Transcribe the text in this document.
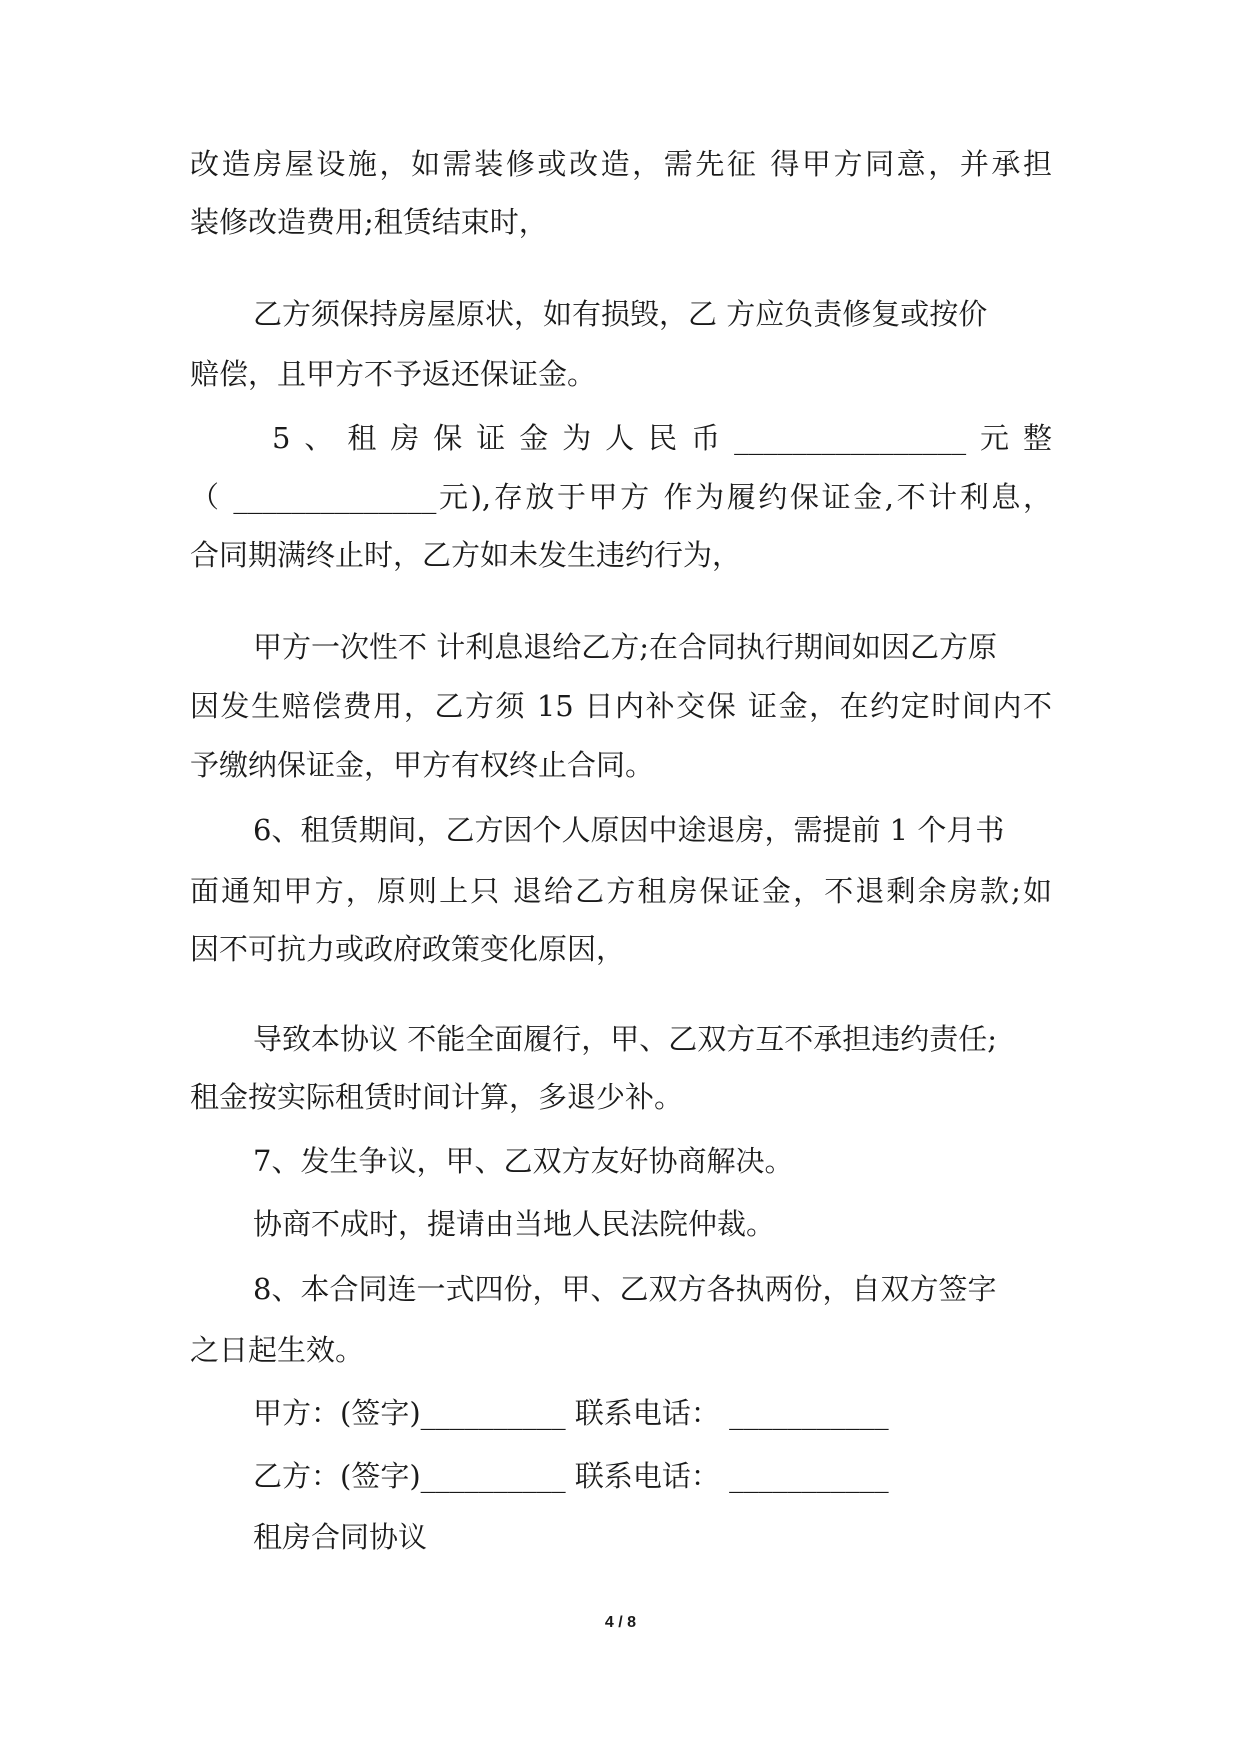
改造房屋设施，如需装修或改造，需先征 得甲方同意，并承担
装修改造费用;租赁结束时，
乙方须保持房屋原状，如有损毁，乙 方应负责修复或按价
赔偿，且甲方不予返还保证金。
5、租房保证金为人民币________________元整
（ ______________元),存放于甲方 作为履约保证金,不计利息，
合同期满终止时，乙方如未发生违约行为，
甲方一次性不 计利息退给乙方;在合同执行期间如因乙方原
因发生赔偿费用，乙方须 15 日内补交保 证金，在约定时间内不
予缴纳保证金，甲方有权终止合同。
6、租赁期间，乙方因个人原因中途退房，需提前 1 个月书
面通知甲方，原则上只 退给乙方租房保证金，不退剩余房款;如
因不可抗力或政府政策变化原因，
导致本协议 不能全面履行，甲、乙双方互不承担违约责任;
租金按实际租赁时间计算，多退少补。
7、发生争议，甲、乙双方友好协商解决。
协商不成时，提请由当地人民法院仲裁。
8、本合同连一式四份，甲、乙双方各执两份，自双方签字
之日起生效。
甲方：(签字)__________ 联系电话： ___________
乙方：(签字)__________ 联系电话： ___________
租房合同协议
4 / 8
